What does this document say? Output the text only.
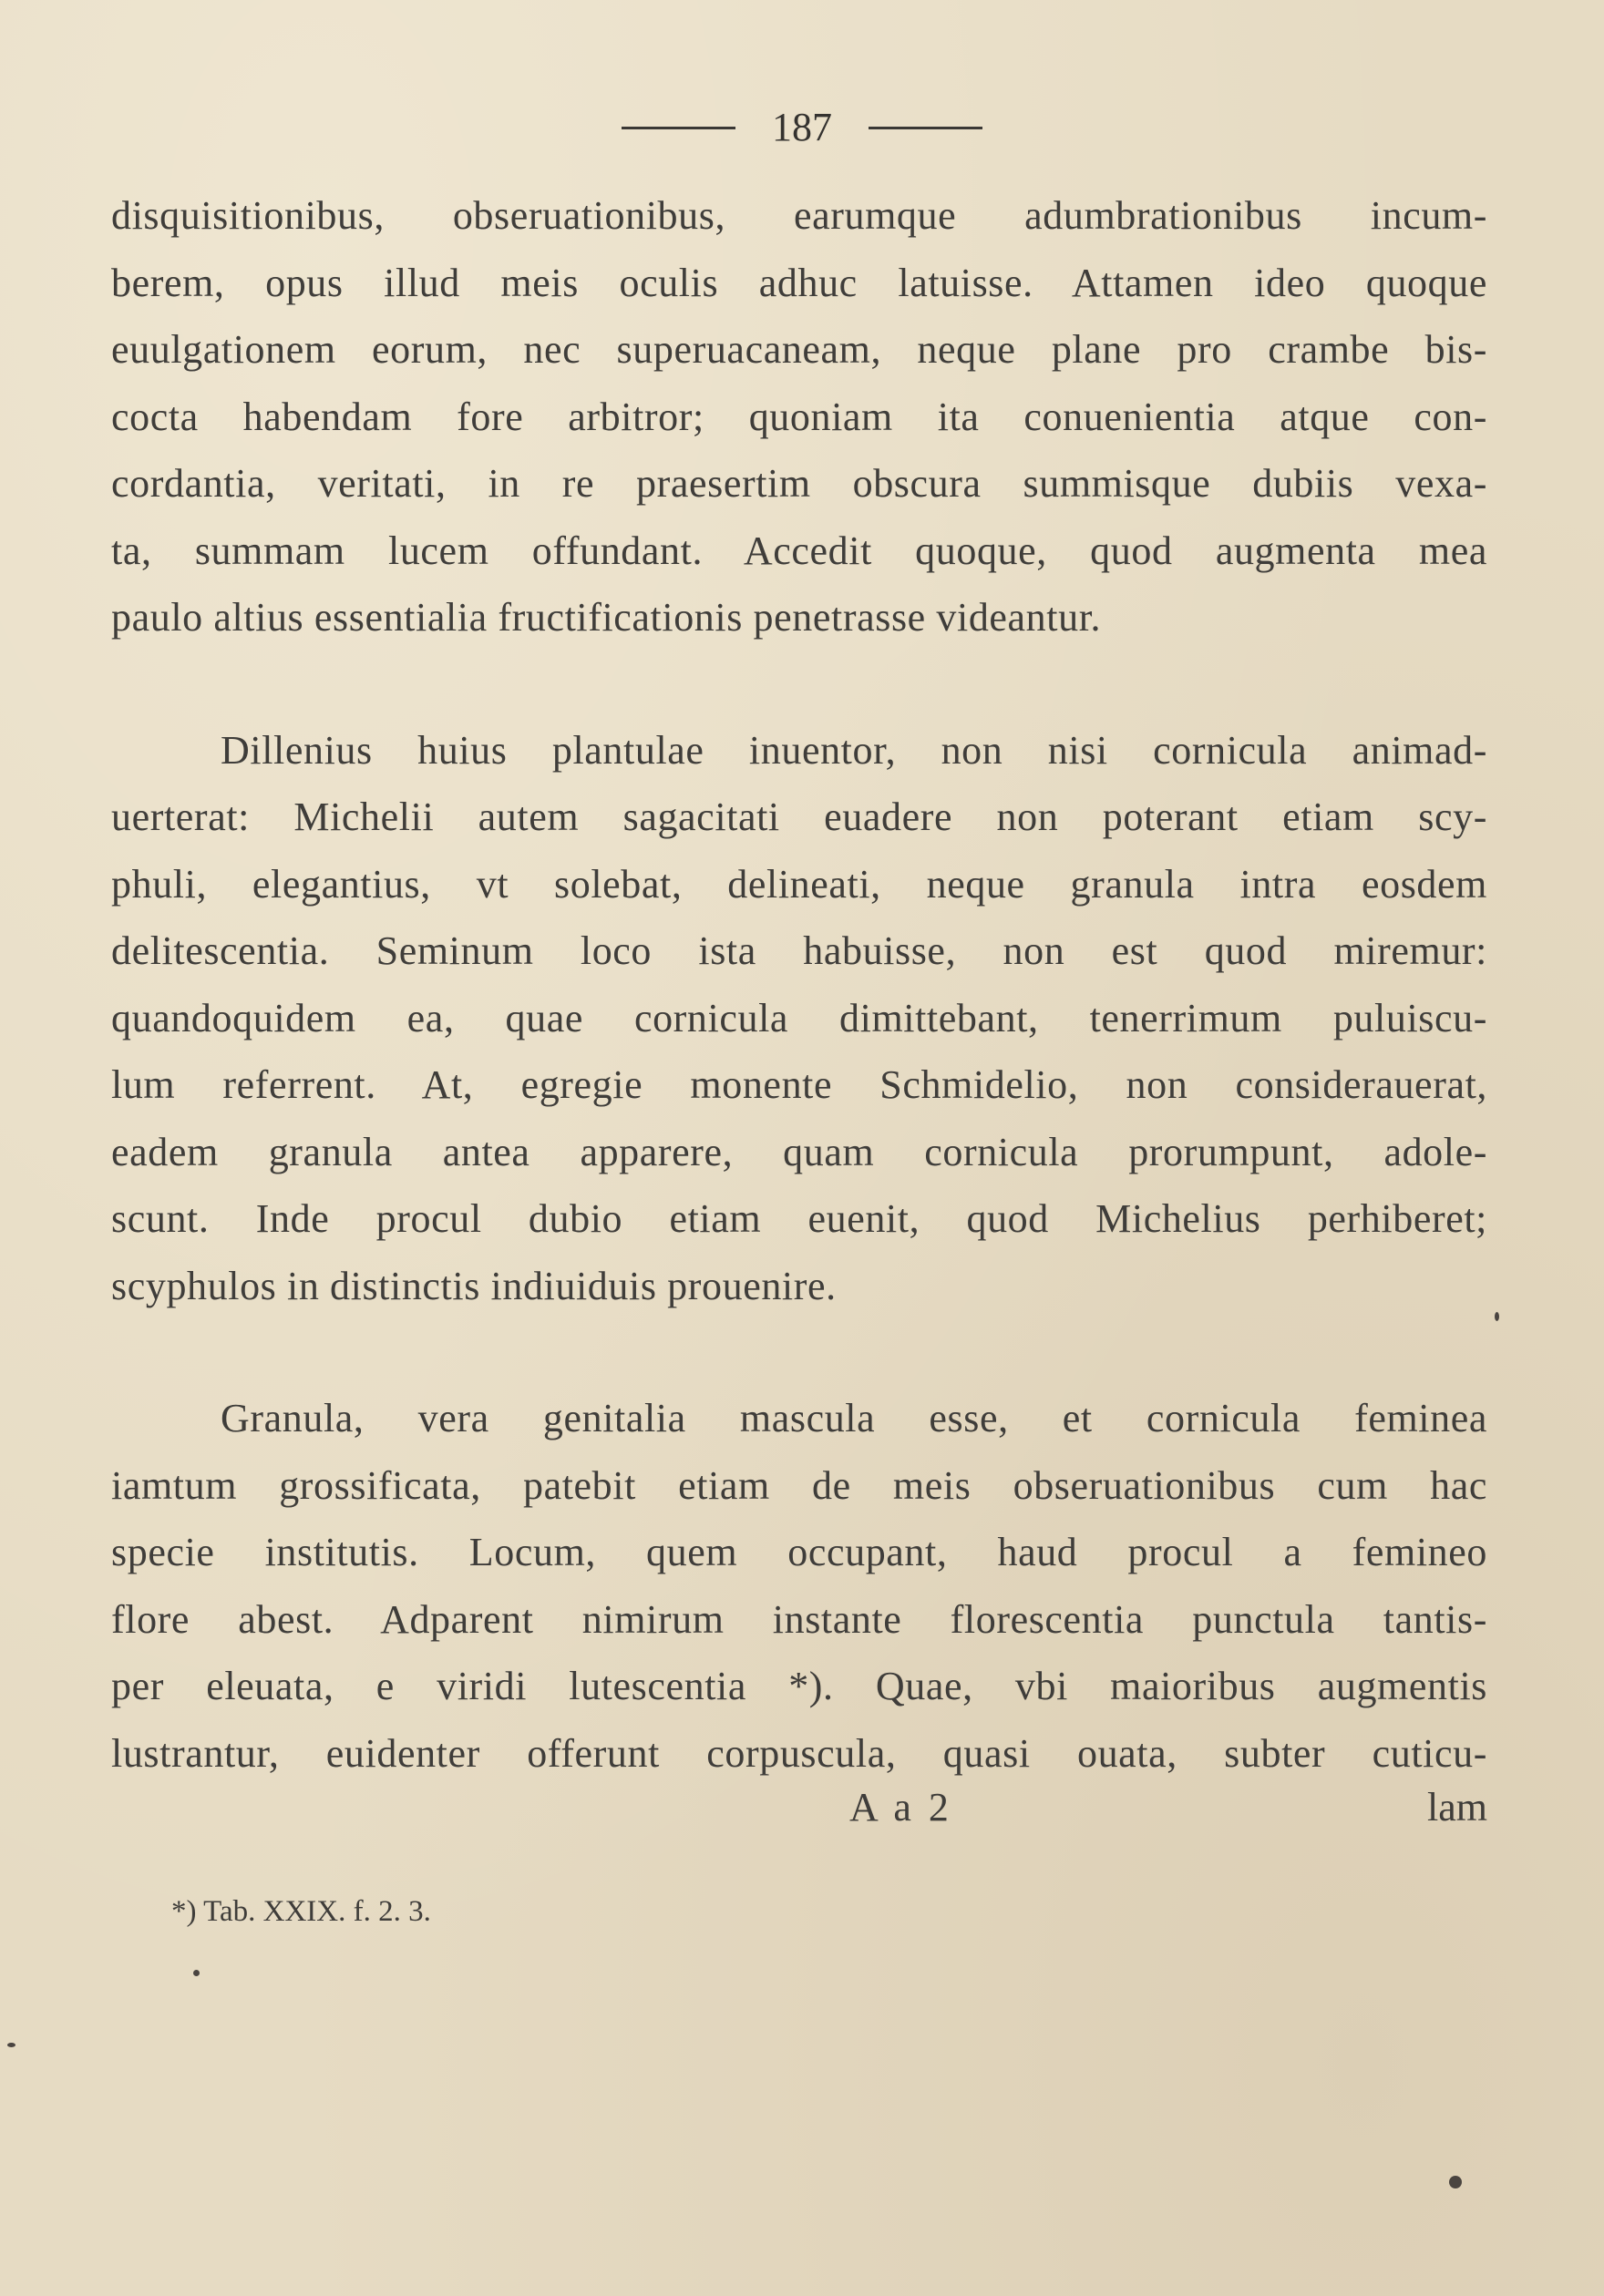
187
disquisitionibus, obseruationibus, earumque adumbrationibus incum-
berem, opus illud meis oculis adhuc latuisse. Attamen ideo quoque
euulgationem eorum, nec superuacaneam, neque plane pro crambe bis-
cocta habendam fore arbitror; quoniam ita conuenientia atque con-
cordantia, veritati, in re praesertim obscura summisque dubiis vexa-
ta, summam lucem offundant. Accedit quoque, quod augmenta mea
paulo altius essentialia fructificationis penetrasse videantur.
Dillenius huius plantulae inuentor, non nisi cornicula animad-
uerterat: Michelii autem sagacitati euadere non poterant etiam scy-
phuli, elegantius, vt solebat, delineati, neque granula intra eosdem
delitescentia. Seminum loco ista habuisse, non est quod miremur:
quandoquidem ea, quae cornicula dimittebant, tenerrimum puluiscu-
lum referrent. At, egregie monente Schmidelio, non considerauerat,
eadem granula antea apparere, quam cornicula prorumpunt, adole-
scunt. Inde procul dubio etiam euenit, quod Michelius perhiberet;
scyphulos in distinctis indiuiduis prouenire.
Granula, vera genitalia mascula esse, et cornicula feminea
iamtum grossificata, patebit etiam de meis obseruationibus cum hac
specie institutis. Locum, quem occupant, haud procul a femineo
flore abest. Adparent nimirum instante florescentia punctula tantis-
per eleuata, e viridi lutescentia *). Quae, vbi maioribus augmentis
lustrantur, euidenter offerunt corpuscula, quasi ouata, subter cuticu-
A a 2	lam
*) Tab. XXIX. f. 2. 3.
